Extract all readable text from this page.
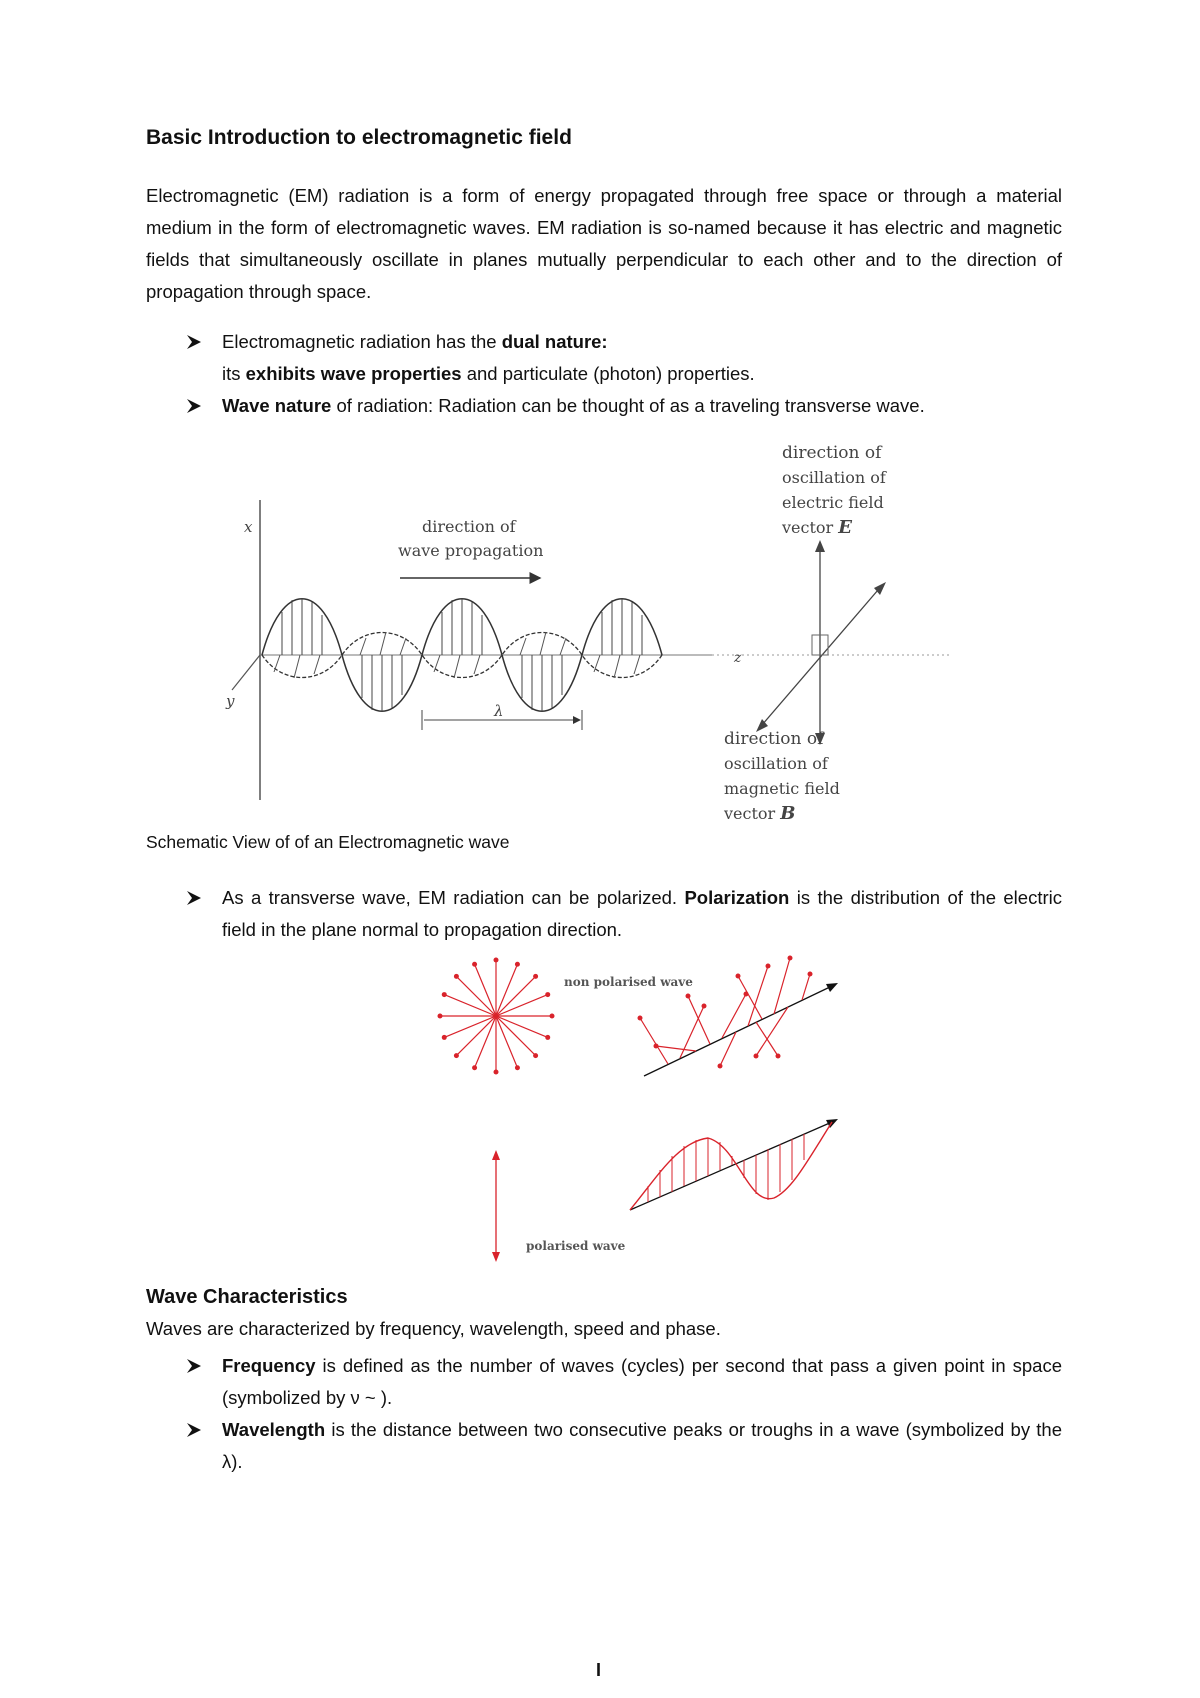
Basic Introduction to electromagnetic field
Electromagnetic (EM) radiation is a form of energy propagated through free space or through a material medium in the form of electromagnetic waves. EM radiation is so-named because it has electric and magnetic fields that simultaneously oscillate in planes mutually perpendicular to each other and to the direction of propagation through space.
Electromagnetic radiation has the dual nature:
its exhibits wave properties and particulate (photon) properties.
Wave nature of radiation: Radiation can be thought of as a traveling transverse wave.
x
y
z
direction of
wave propagation
λ
direction of
oscillation of
electric field
vector E
direction of
oscillation of
magnetic field
vector B
Schematic View of of an Electromagnetic wave
As a transverse wave, EM radiation can be polarized. Polarization is the distribution of the electric field in the plane normal to propagation direction.
non polarised wave
polarised wave
Wave Characteristics
Waves are characterized by frequency, wavelength, speed and phase.
Frequency is defined as the number of waves (cycles) per second that pass a given point in space (symbolized by ν ~ ).
Wavelength is the distance between two consecutive peaks or troughs in a wave (symbolized by the λ).
I
